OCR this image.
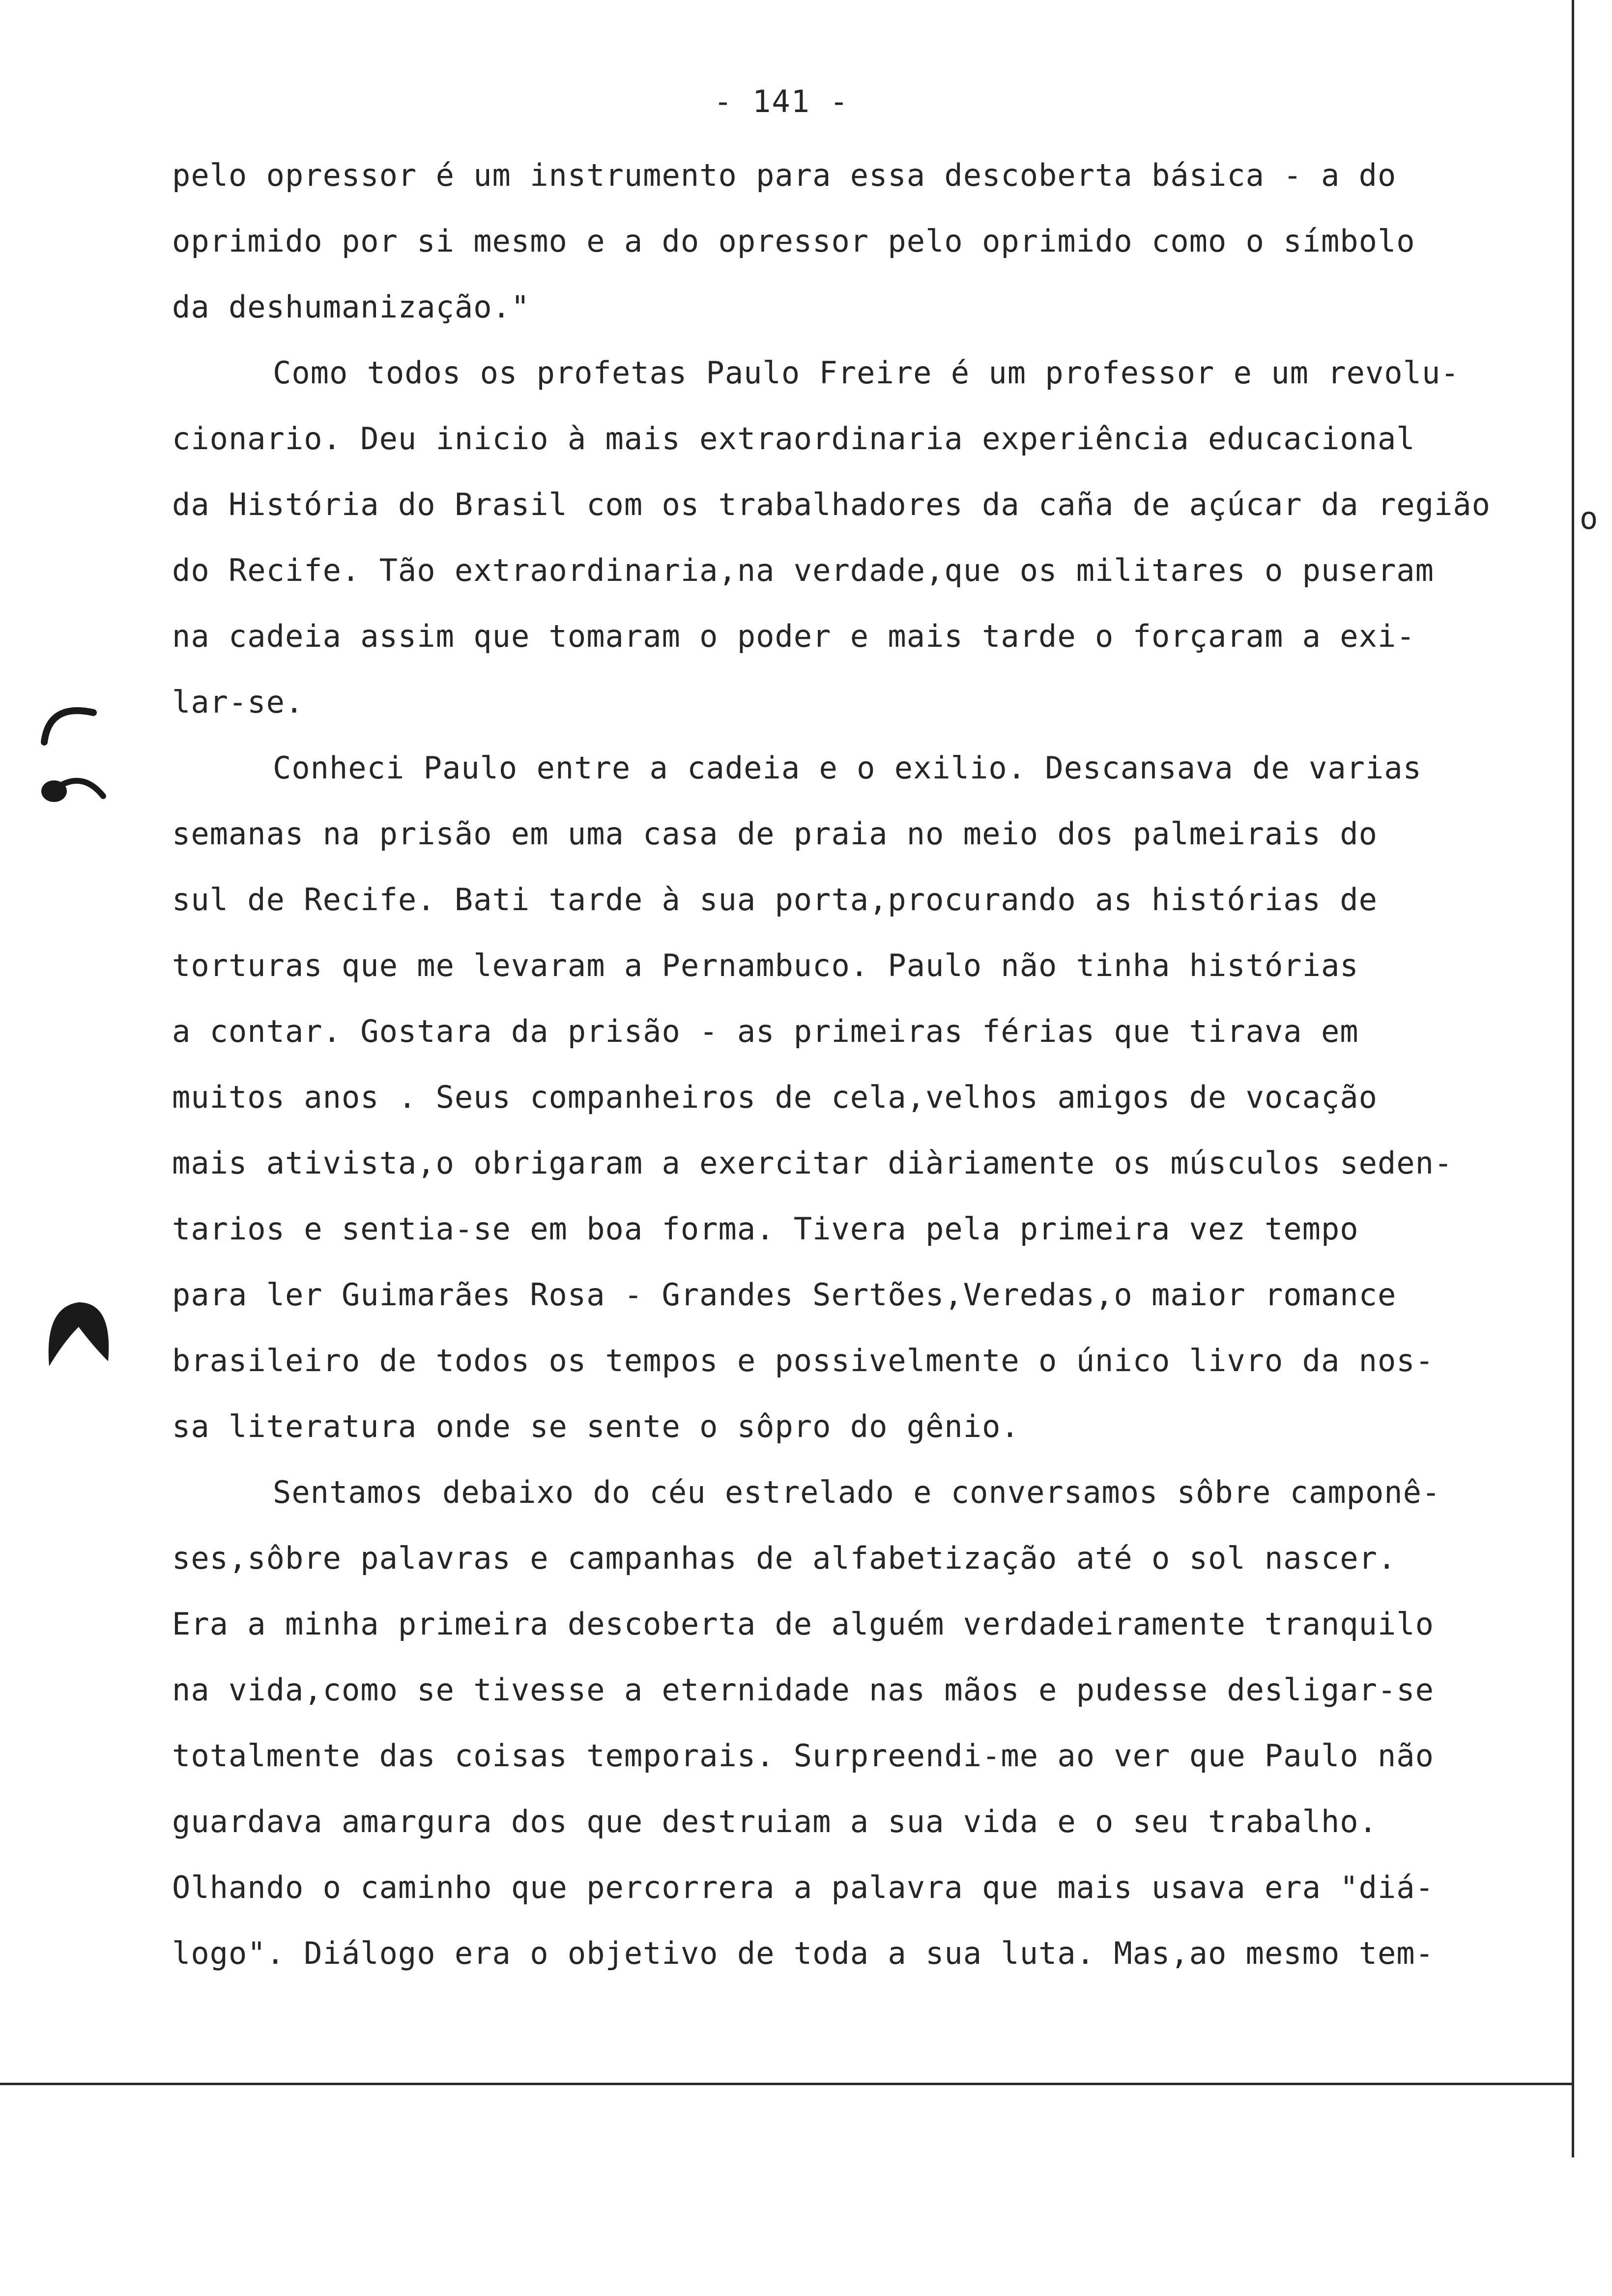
- 141 -
pelo opressor é um instrumento para essa descoberta básica - a do
oprimido por si mesmo e a do opressor pelo oprimido como o símbolo
da deshumanização."
Como todos os profetas Paulo Freire é um professor e um revolu-
cionario. Deu inicio à mais extraordinaria experiência educacional
da História do Brasil com os trabalhadores da caña de açúcar da região
do Recife. Tão extraordinaria,na verdade,que os militares o puseram
na cadeia assim que tomaram o poder e mais tarde o forçaram a exi-
lar-se.
Conheci Paulo entre a cadeia e o exilio. Descansava de varias
semanas na prisão em uma casa de praia no meio dos palmeirais do
sul de Recife. Bati tarde à sua porta,procurando as histórias de
torturas que me levaram a Pernambuco. Paulo não tinha histórias
a contar. Gostara da prisão - as primeiras férias que tirava em
muitos anos . Seus companheiros de cela,velhos amigos de vocação
mais ativista,o obrigaram a exercitar diàriamente os músculos seden-
tarios e sentia-se em boa forma. Tivera pela primeira vez tempo
para ler Guimarães Rosa - Grandes Sertões,Veredas,o maior romance
brasileiro de todos os tempos e possivelmente o único livro da nos-
sa literatura onde se sente o sôpro do gênio.
Sentamos debaixo do céu estrelado e conversamos sôbre camponê-
ses,sôbre palavras e campanhas de alfabetização até o sol nascer.
Era a minha primeira descoberta de alguém verdadeiramente tranquilo
na vida,como se tivesse a eternidade nas mãos e pudesse desligar-se
totalmente das coisas temporais. Surpreendi-me ao ver que Paulo não
guardava amargura dos que destruiam a sua vida e o seu trabalho.
Olhando o caminho que percorrera a palavra que mais usava era "diá-
logo". Diálogo era o objetivo de toda a sua luta. Mas,ao mesmo tem-
o
